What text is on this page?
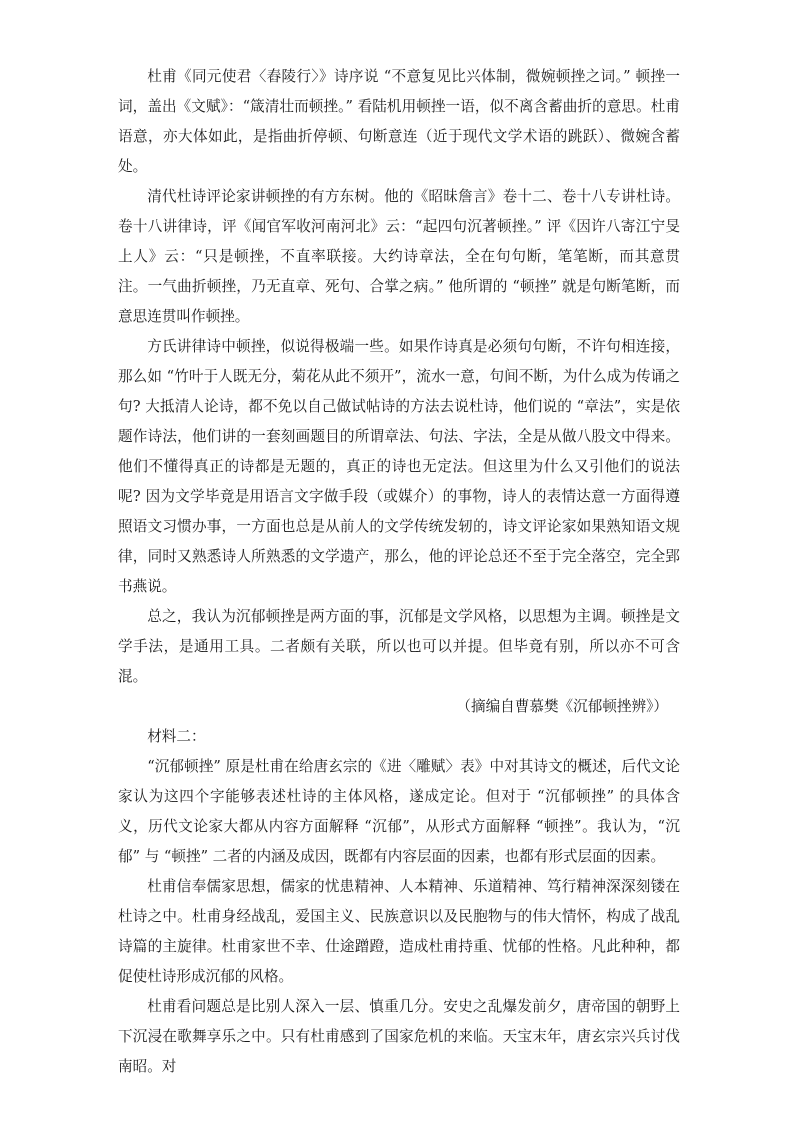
杜甫《同元使君〈舂陵行〉》诗序说 “不意复见比兴体制，微婉顿挫之词。” 顿挫一词，盖出《文赋》：“箴清壮而顿挫。” 看陆机用顿挫一语，似不离含蓄曲折的意思。杜甫语意，亦大体如此，是指曲折停顿、句断意连（近于现代文学术语的跳跃）、微婉含蓄处。

清代杜诗评论家讲顿挫的有方东树。他的《昭昧詹言》卷十二、卷十八专讲杜诗。卷十八讲律诗，评《闻官军收河南河北》云：“起四句沉著顿挫。” 评《因许八寄江宁旻上人》云：“只是顿挫，不直率联接。大约诗章法，全在句句断，笔笔断，而其意贯注。一气曲折顿挫，乃无直章、死句、合掌之病。” 他所谓的 “顿挫” 就是句断笔断，而意思连贯叫作顿挫。

方氏讲律诗中顿挫，似说得极端一些。如果作诗真是必须句句断，不许句相连接，那么如 “竹叶于人既无分，菊花从此不须开”，流水一意，句间不断，为什么成为传诵之句? 大抵清人论诗，都不免以自己做试帖诗的方法去说杜诗，他们说的 “章法”，实是依题作诗法，他们讲的一套刻画题目的所谓章法、句法、字法，全是从做八股文中得来。他们不懂得真正的诗都是无题的，真正的诗也无定法。但这里为什么又引他们的说法呢? 因为文学毕竟是用语言文字做手段（或媒介）的事物，诗人的表情达意一方面得遵照语文习惯办事，一方面也总是从前人的文学传统发轫的，诗文评论家如果熟知语文规律，同时又熟悉诗人所熟悉的文学遗产，那么，他的评论总还不至于完全落空，完全郢书燕说。

总之，我认为沉郁顿挫是两方面的事，沉郁是文学风格，以思想为主调。顿挫是文学手法，是通用工具。二者颇有关联，所以也可以并提。但毕竟有别，所以亦不可含混。

（摘编自曹慕樊《沉郁顿挫辨》）

材料二：

“沉郁顿挫” 原是杜甫在给唐玄宗的《进〈雕赋〉表》中对其诗文的概述，后代文论家认为这四个字能够表述杜诗的主体风格，遂成定论。但对于 “沉郁顿挫” 的具体含义，历代文论家大都从内容方面解释 “沉郁”，从形式方面解释 “顿挫”。我认为，“沉郁” 与 “顿挫” 二者的内涵及成因，既都有内容层面的因素，也都有形式层面的因素。

杜甫信奉儒家思想，儒家的忧患精神、人本精神、乐道精神、笃行精神深深刻镂在杜诗之中。杜甫身经战乱，爱国主义、民族意识以及民胞物与的伟大情怀，构成了战乱诗篇的主旋律。杜甫家世不幸、仕途蹭蹬，造成杜甫持重、忧郁的性格。凡此种种，都促使杜诗形成沉郁的风格。

杜甫看问题总是比别人深入一层、慎重几分。安史之乱爆发前夕，唐帝国的朝野上下沉浸在歌舞享乐之中。只有杜甫感到了国家危机的来临。天宝末年，唐玄宗兴兵讨伐南昭。对
